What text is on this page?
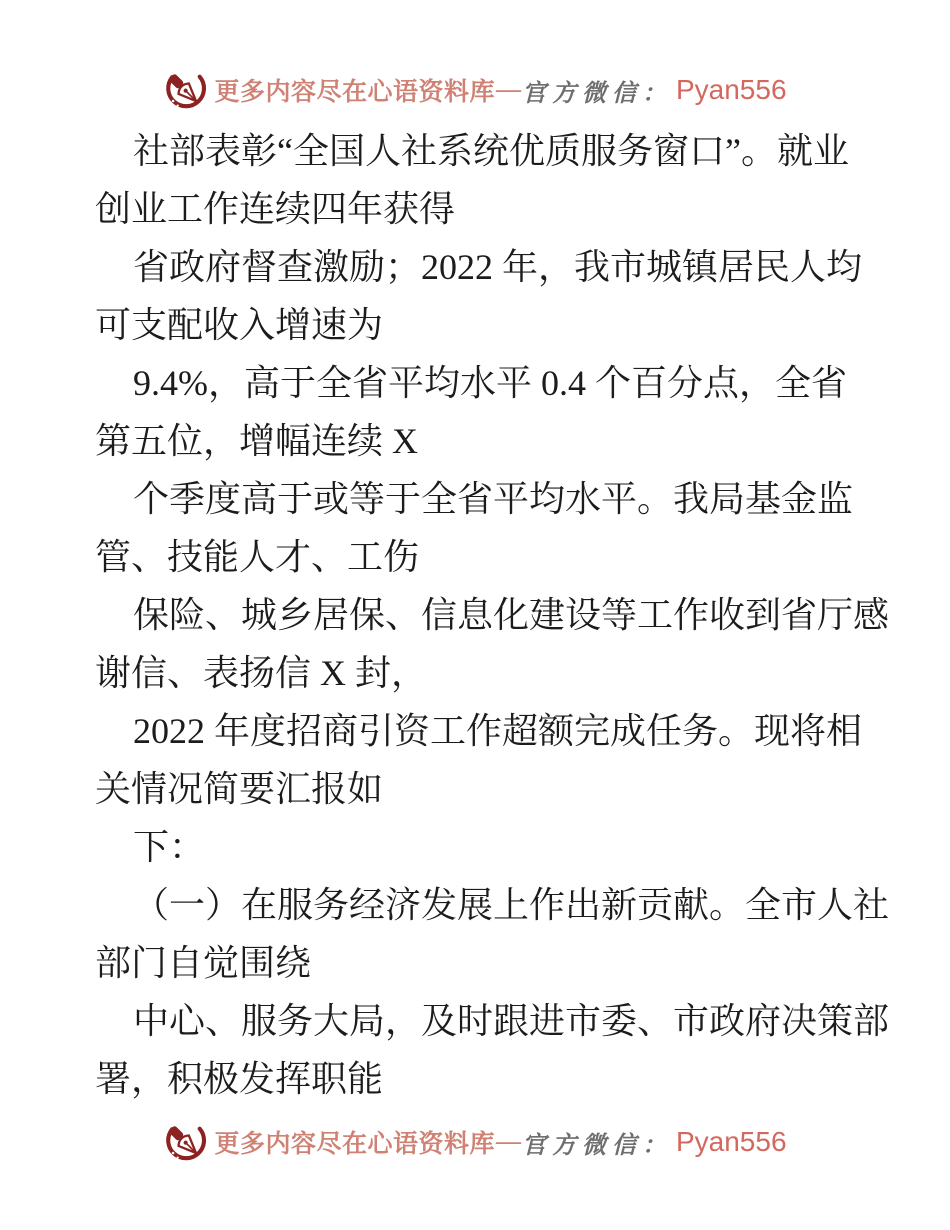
更多内容尽在心语资料库 — 官方微信： Pyan556
社部表彰“全国人社系统优质服务窗口”。就业
创业工作连续四年获得
省政府督查激励；2022 年，我市城镇居民人均
可支配收入增速为
9.4%，高于全省平均水平 0.4 个百分点，全省
第五位，增幅连续 X
个季度高于或等于全省平均水平。我局基金监
管、技能人才、工伤
保险、城乡居保、信息化建设等工作收到省厅感
谢信、表扬信 X 封，
2022 年度招商引资工作超额完成任务。现将相
关情况简要汇报如
下：
（一）在服务经济发展上作出新贡献。全市人社
部门自觉围绕
中心、服务大局，及时跟进市委、市政府决策部
署，积极发挥职能
更多内容尽在心语资料库 — 官方微信： Pyan556
